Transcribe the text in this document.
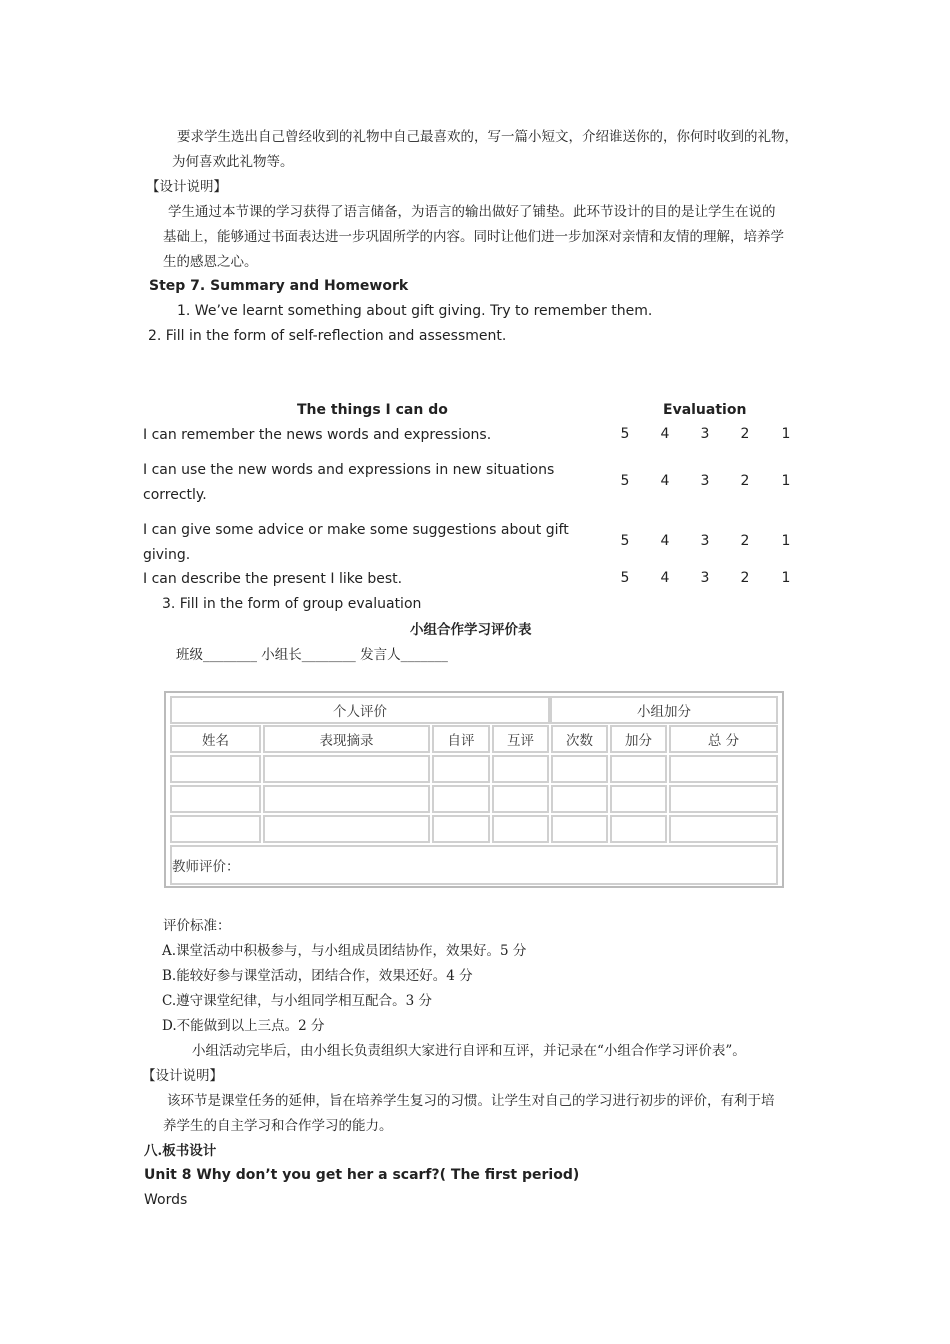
要求学生选出自己曾经收到的礼物中自己最喜欢的，写一篇小短文，介绍谁送你的，你何时收到的礼物，
为何喜欢此礼物等。
【设计说明】
学生通过本节课的学习获得了语言储备，为语言的输出做好了铺垫。此环节设计的目的是让学生在说的
基础上，能够通过书面表达进一步巩固所学的内容。同时让他们进一步加深对亲情和友情的理解，培养学
生的感恩之心。
Step 7. Summary and Homework
1. We’ve learnt something about gift giving. Try to remember them.
2. Fill in the form of self-reflection and assessment.
The things I can do	Evaluation
I can remember the news words and expressions.	5	4	3	2	1
I can use the new words and expressions in new situations
correctly.
5	4	3	2	1
I can give some advice or make some suggestions about gift
giving.
5	4	3	2	1
I can describe the present I like best.	5	4	3	2	1
3. Fill in the form of group evaluation
小组合作学习评价表
班级________ 小组长________ 发言人_______
个人评价	小组加分
姓名	表现摘录	自评	互评	次数	加分	总 分
教师评价：
评价标准：
A.课堂活动中积极参与，与小组成员团结协作，效果好。5 分
B.能较好参与课堂活动，团结合作，效果还好。4 分
C.遵守课堂纪律，与小组同学相互配合。3 分
D.不能做到以上三点。2 分
小组活动完毕后，由小组长负责组织大家进行自评和互评，并记录在“小组合作学习评价表”。
【设计说明】
该环节是课堂任务的延伸，旨在培养学生复习的习惯。让学生对自己的学习进行初步的评价，有利于培
养学生的自主学习和合作学习的能力。
八.板书设计
Unit 8 Why don’t you get her a scarf?( The first period)
Words
